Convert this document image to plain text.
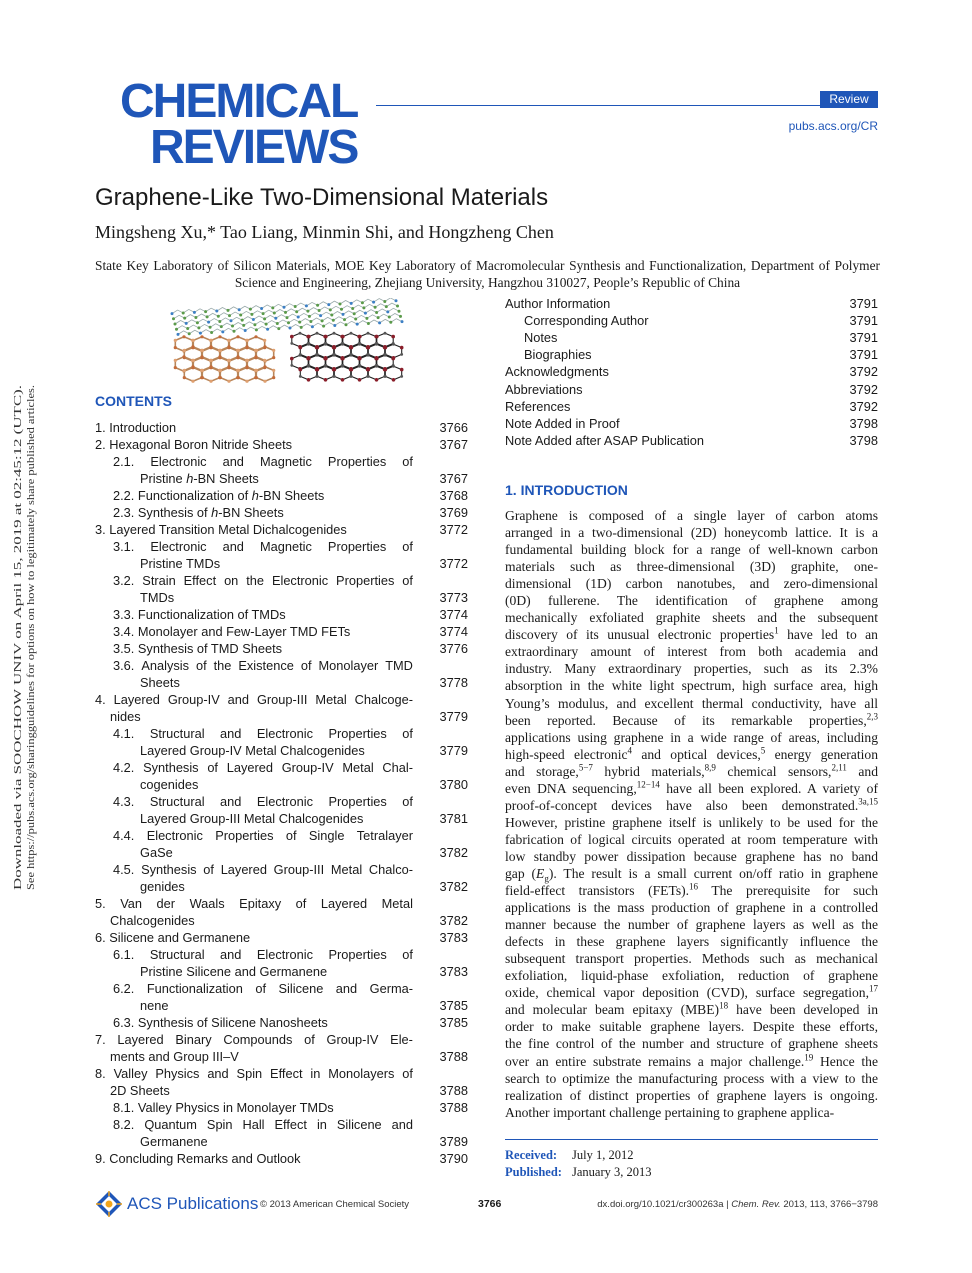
CHEMICAL
REVIEWS
Review
pubs.acs.org/CR
Graphene-Like Two-Dimensional Materials
Mingsheng Xu,* Tao Liang, Minmin Shi, and Hongzheng Chen
State Key Laboratory of Silicon Materials, MOE Key Laboratory of Macromolecular Synthesis and Functionalization, Department of Polymer Science and Engineering, Zhejiang University, Hangzhou 310027, People’s Republic of China
Downloaded via SOOCHOW UNIV on April 15, 2019 at 02:45:12 (UTC). See https://pubs.acs.org/sharingguidelines for options on how to legitimately share published articles.
CONTENTS
1. Introduction	3766
2. Hexagonal Boron Nitride Sheets	3767
2.1. Electronic and Magnetic Properties of
Pristine h-BN Sheets	3767
2.2. Functionalization of h-BN Sheets	3768
2.3. Synthesis of h-BN Sheets	3769
3. Layered Transition Metal Dichalcogenides	3772
3.1. Electronic and Magnetic Properties of
Pristine TMDs	3772
3.2. Strain Effect on the Electronic Properties of
TMDs	3773
3.3. Functionalization of TMDs	3774
3.4. Monolayer and Few-Layer TMD FETs	3774
3.5. Synthesis of TMD Sheets	3776
3.6. Analysis of the Existence of Monolayer TMD
Sheets	3778
4. Layered Group-IV and Group-III Metal Chalcoge-
nides	3779
4.1. Structural and Electronic Properties of
Layered Group-IV Metal Chalcogenides	3779
4.2. Synthesis of Layered Group-IV Metal Chal-
cogenides	3780
4.3. Structural and Electronic Properties of
Layered Group-III Metal Chalcogenides	3781
4.4. Electronic Properties of Single Tetralayer
GaSe	3782
4.5. Synthesis of Layered Group-III Metal Chalco-
genides	3782
5. Van der Waals Epitaxy of Layered Metal
Chalcogenides	3782
6. Silicene and Germanene	3783
6.1. Structural and Electronic Properties of
Pristine Silicene and Germanene	3783
6.2. Functionalization of Silicene and Germa-
nene	3785
6.3. Synthesis of Silicene Nanosheets	3785
7. Layered Binary Compounds of Group-IV Ele-
ments and Group III–V	3788
8. Valley Physics and Spin Effect in Monolayers of
2D Sheets	3788
8.1. Valley Physics in Monolayer TMDs	3788
8.2. Quantum Spin Hall Effect in Silicene and
Germanene	3789
9. Concluding Remarks and Outlook	3790
Author Information	3791
Corresponding Author	3791
Notes	3791
Biographies	3791
Acknowledgments	3792
Abbreviations	3792
References	3792
Note Added in Proof	3798
Note Added after ASAP Publication	3798
1. INTRODUCTION
Graphene is composed of a single layer of carbon atoms
arranged in a two-dimensional (2D) honeycomb lattice. It is a
fundamental building block for a range of well-known carbon
materials such as three-dimensional (3D) graphite, one-
dimensional (1D) carbon nanotubes, and zero-dimensional
(0D) fullerene. The identification of graphene among
mechanically exfoliated graphite sheets and the subsequent
discovery of its unusual electronic properties$^1$ have led to an
extraordinary amount of interest from both academia and
industry. Many extraordinary properties, such as its 2.3%
absorption in the white light spectrum, high surface area, high
Young’s modulus, and excellent thermal conductivity, have all
been reported. Because of its remarkable properties,$^{2,3}$
applications using graphene in a wide range of areas, including
high-speed electronic$^4$ and optical devices,$^5$ energy generation
and storage,$^{5-7}$ hybrid materials,$^{8,9}$ chemical sensors,$^{2,11}$ and
even DNA sequencing,$^{12-14}$ have all been explored. A variety of
proof-of-concept devices have also been demonstrated.$^{3a,15}$
However, pristine graphene itself is unlikely to be used for the
fabrication of logical circuits operated at room temperature with
low standby power dissipation because graphene has no band
gap $(E_g)$. The result is a small current on/off ratio in graphene
field-effect transistors (FETs).$^{16}$ The prerequisite for such
applications is the mass production of graphene in a controlled
manner because the number of graphene layers as well as the
defects in these graphene layers significantly influence the
subsequent transport properties. Methods such as mechanical
exfoliation, liquid-phase exfoliation, reduction of graphene
oxide, chemical vapor deposition (CVD), surface segregation,$^{17}$
and molecular beam epitaxy (MBE)$^{18}$ have been developed in
order to make suitable graphene layers. Despite these efforts,
the fine control of the number and structure of graphene sheets
over an entire substrate remains a major challenge.$^{19}$ Hence the
search to optimize the manufacturing process with a view to the
realization of distinct properties of graphene layers is ongoing.
Another important challenge pertaining to graphene applica-
Received: July 1, 2012
Published: January 3, 2013
ACS Publications © 2013 American Chemical Society	3766	dx.doi.org/10.1021/cr300263a | Chem. Rev. 2013, 113, 3766−3798
